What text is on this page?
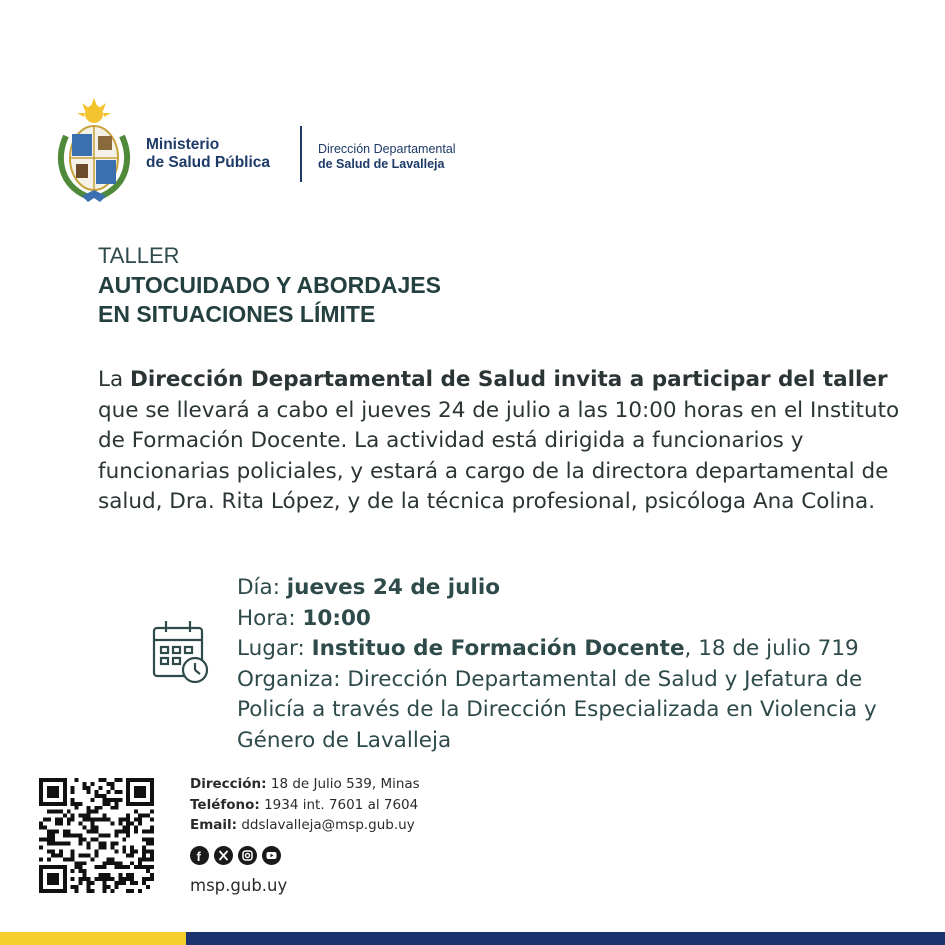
Ministerio
de Salud Pública
Dirección Departamental
de Salud de Lavalleja
TALLER
AUTOCUIDADO Y ABORDAJES
EN SITUACIONES LÍMITE
La Dirección Departamental de Salud invita a participar del taller que se llevará a cabo el jueves 24 de julio a las 10:00 horas en el Instituto de Formación Docente. La actividad está dirigida a funcionarios y funcionarias policiales, y estará a cargo de la directora departamental de salud, Dra. Rita López, y de la técnica profesional, psicóloga Ana Colina.
Día: jueves 24 de julio
Hora: 10:00
Lugar: Instituo de Formación Docente, 18 de julio 719
Organiza: Dirección Departamental de Salud y Jefatura de Policía a través de la Dirección Especializada en Violencia y Género de Lavalleja
Dirección: 18 de Julio 539, Minas
Teléfono: 1934 int. 7601 al 7604
Email: ddslavalleja@msp.gub.uy
f
msp.gub.uy
